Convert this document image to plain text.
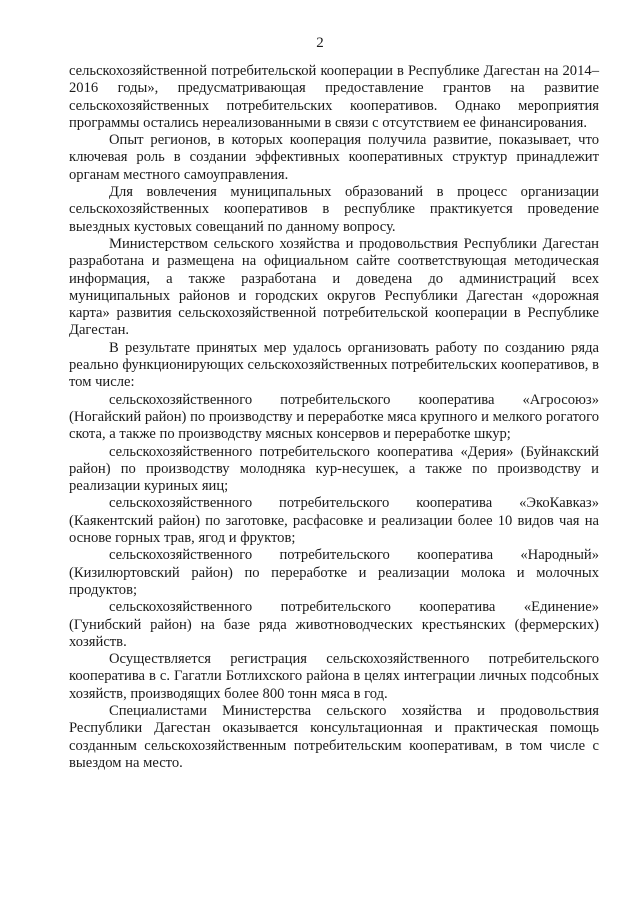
2

сельскохозяйственной потребительской кооперации в Республике Дагестан на 2014–2016 годы», предусматривающая предоставление грантов на развитие сельскохозяйственных потребительских кооперативов. Однако мероприятия программы остались нереализованными в связи с отсутствием ее финансирования.

Опыт регионов, в которых кооперация получила развитие, показывает, что ключевая роль в создании эффективных кооперативных структур принадлежит органам местного самоуправления.

Для вовлечения муниципальных образований в процесс организации сельскохозяйственных кооперативов в республике практикуется проведение выездных кустовых совещаний по данному вопросу.

Министерством сельского хозяйства и продовольствия Республики Дагестан разработана и размещена на официальном сайте соответствующая методическая информация, а также разработана и доведена до администраций всех муниципальных районов и городских округов Республики Дагестан «дорожная карта» развития сельскохозяйственной потребительской кооперации в Республике Дагестан.

В результате принятых мер удалось организовать работу по созданию ряда реально функционирующих сельскохозяйственных потребительских кооперативов, в том числе:

сельскохозяйственного потребительского кооператива «Агросоюз» (Ногайский район) по производству и переработке мяса крупного и мелкого рогатого скота, а также по производству мясных консервов и переработке шкур;

сельскохозяйственного потребительского кооператива «Дерия» (Буйнакский район) по производству молодняка кур-несушек, а также по производству и реализации куриных яиц;

сельскохозяйственного потребительского кооператива «ЭкоКавказ» (Каякентский район) по заготовке, расфасовке и реализации более 10 видов чая на основе горных трав, ягод и фруктов;

сельскохозяйственного потребительского кооператива «Народный» (Кизилюртовский район) по переработке и реализации молока и молочных продуктов;

сельскохозяйственного потребительского кооператива «Единение» (Гунибский район) на базе ряда животноводческих крестьянских (фермерских) хозяйств.

Осуществляется регистрация сельскохозяйственного потребительского кооператива в с. Гагатли Ботлихского района в целях интеграции личных подсобных хозяйств, производящих более 800 тонн мяса в год.

Специалистами Министерства сельского хозяйства и продовольствия Республики Дагестан оказывается консультационная и практическая помощь созданным сельскохозяйственным потребительским кооперативам, в том числе с выездом на место.
